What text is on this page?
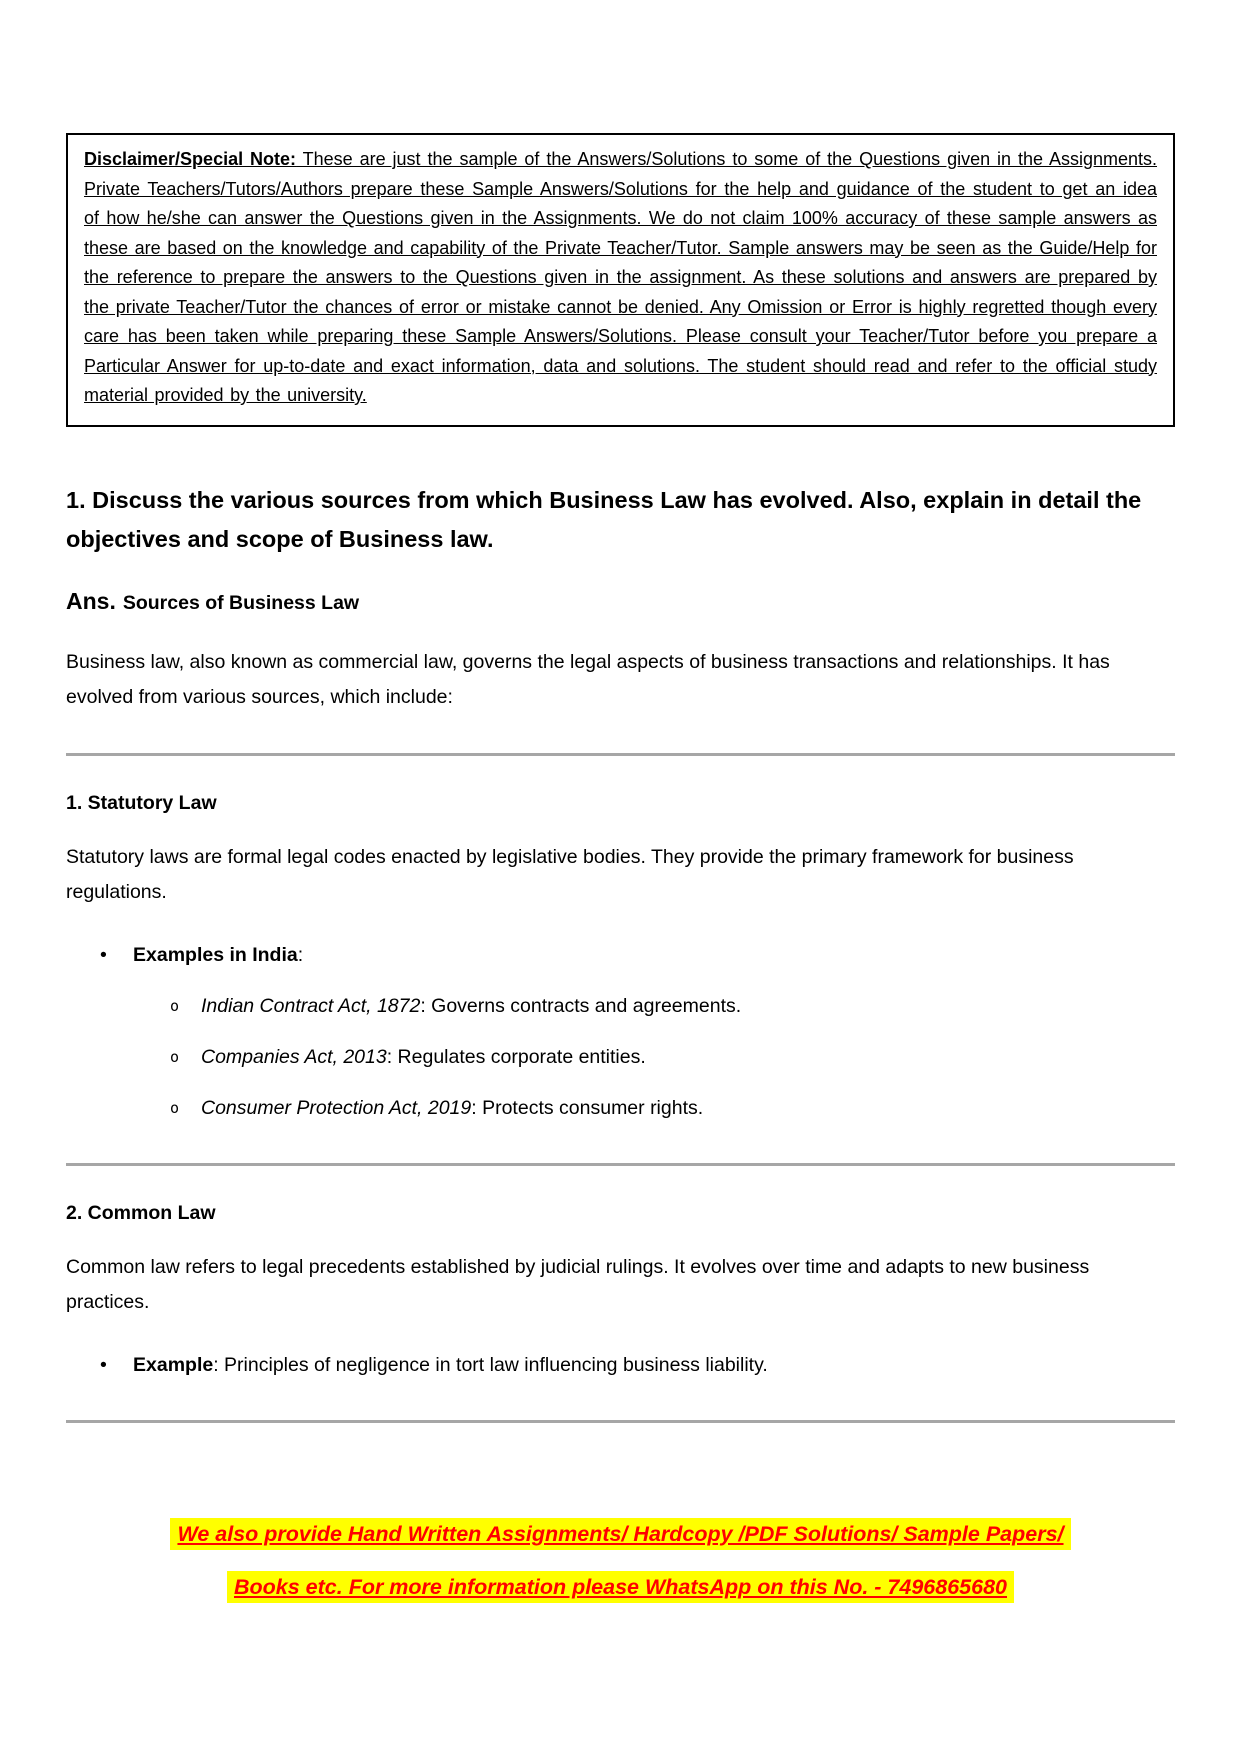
Disclaimer/Special Note: These are just the sample of the Answers/Solutions to some of the Questions given in the Assignments. Private Teachers/Tutors/Authors prepare these Sample Answers/Solutions for the help and guidance of the student to get an idea of how he/she can answer the Questions given in the Assignments. We do not claim 100% accuracy of these sample answers as these are based on the knowledge and capability of the Private Teacher/Tutor. Sample answers may be seen as the Guide/Help for the reference to prepare the answers to the Questions given in the assignment. As these solutions and answers are prepared by the private Teacher/Tutor the chances of error or mistake cannot be denied. Any Omission or Error is highly regretted though every care has been taken while preparing these Sample Answers/Solutions. Please consult your Teacher/Tutor before you prepare a Particular Answer for up-to-date and exact information, data and solutions. The student should read and refer to the official study material provided by the university.
1. Discuss the various sources from which Business Law has evolved. Also, explain in detail the objectives and scope of Business law.
Ans. Sources of Business Law
Business law, also known as commercial law, governs the legal aspects of business transactions and relationships. It has evolved from various sources, which include:
1. Statutory Law
Statutory laws are formal legal codes enacted by legislative bodies. They provide the primary framework for business regulations.
•	Examples in India:
o	Indian Contract Act, 1872: Governs contracts and agreements.
o	Companies Act, 2013: Regulates corporate entities.
o	Consumer Protection Act, 2019: Protects consumer rights.
2. Common Law
Common law refers to legal precedents established by judicial rulings. It evolves over time and adapts to new business practices.
•	Example: Principles of negligence in tort law influencing business liability.
We also provide Hand Written Assignments/ Hardcopy /PDF Solutions/ Sample Papers/
Books etc. For more information please WhatsApp on this No. - 7496865680
